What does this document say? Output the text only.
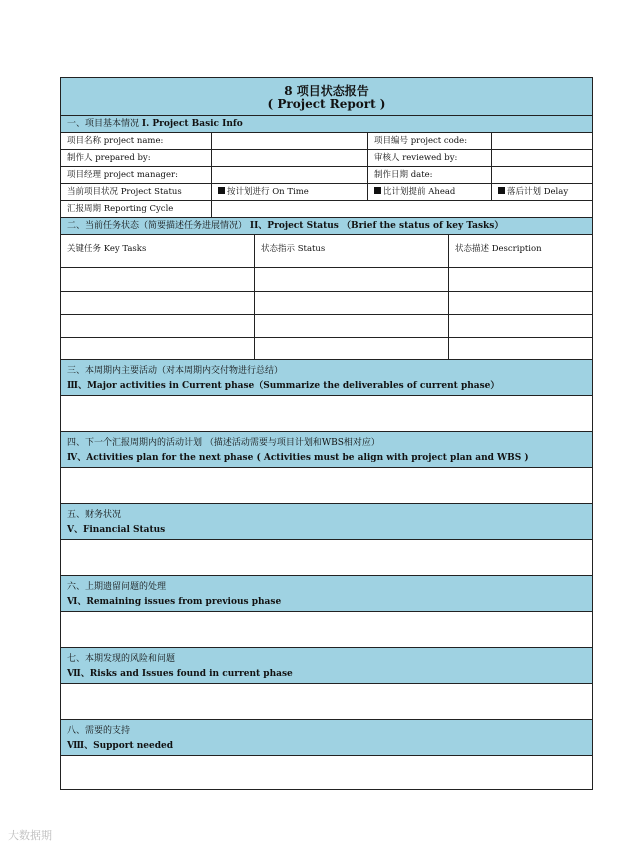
8 项目状态报告
( Project Report )
一、项目基本情况 I. Project Basic Info
项目名称 project name:	项目编号 project code:
制作人 prepared by:	审核人 reviewed by:
项目经理 project manager:	制作日期 date:
当前项目状况 Project Status	按计划进行 On Time	比计划提前 Ahead	落后计划 Delay
汇报周期 Reporting Cycle
二、当前任务状态（简要描述任务进展情况） II、Project Status （Brief the status of key Tasks）
关键任务 Key Tasks	状态指示 Status	状态描述 Description
三、本周期内主要活动（对本周期内交付物进行总结）
Ⅲ、Major activities in Current phase（Summarize the deliverables of current phase）
四、下一个汇报周期内的活动计划 （描述活动需要与项目计划和WBS相对应）
Ⅳ、Activities plan for the next phase ( Activities must be align with project plan and WBS )
五、财务状况
Ⅴ、Financial Status
六、上期遗留问题的处理
Ⅵ、Remaining issues from previous phase
七、本期发现的风险和问题
Ⅶ、Risks and Issues found in current phase
八、需要的支持
Ⅷ、Support needed
大数据期
